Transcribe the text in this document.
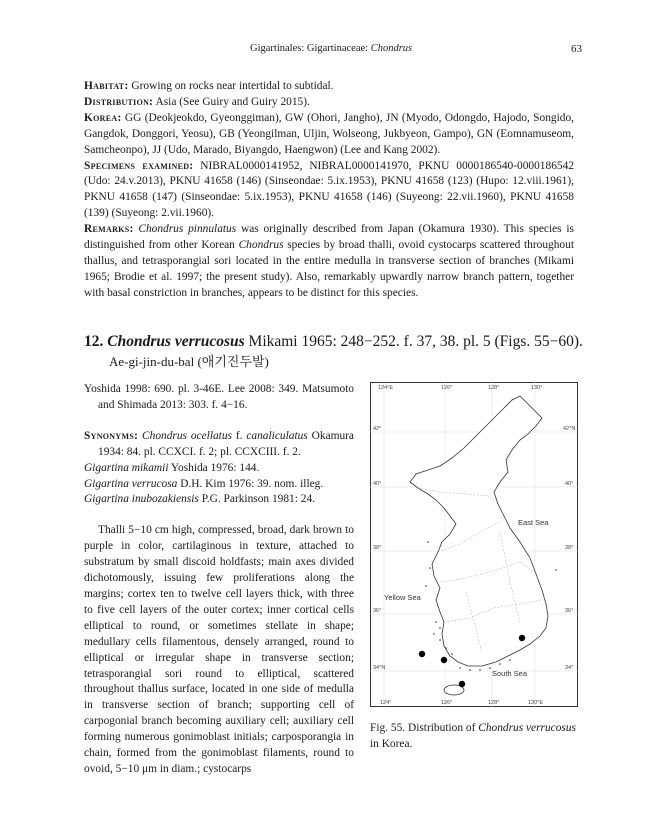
Gigartinales: Gigartinaceae: Chondrus	63

Habitat: Growing on rocks near intertidal to subtidal.

Distribution: Asia (See Guiry and Guiry 2015).

Korea: GG (Deokjeokdo, Gyeonggiman), GW (Ohori, Jangho), JN (Myodo, Odongdo, Hajodo, Songido, Gangdok, Donggori, Yeosu), GB (Yeongilman, Uljin, Wolseong, Jukbyeon, Gampo), GN (Eomnamuseom, Samcheonpo), JJ (Udo, Marado, Biyangdo, Haengwon) (Lee and Kang 2002).

Specimens examined: NIBRAL0000141952, NIBRAL0000141970, PKNU 0000186540-0000186542 (Udo: 24.v.2013), PKNU 41658 (146) (Sinseondae: 5.ix.1953), PKNU 41658 (123) (Hupo: 12.viii.1961), PKNU 41658 (147) (Sinseondae: 5.ix.1953), PKNU 41658 (146) (Suyeong: 22.vii.1960), PKNU 41658 (139) (Suyeong: 2.vii.1960).

Remarks: Chondrus pinnulatus was originally described from Japan (Okamura 1930). This species is distinguished from other Korean Chondrus species by broad thalli, ovoid cystocarps scattered throughout thallus, and tetrasporangial sori located in the entire medulla in transverse section of branches (Mikami 1965; Brodie et al. 1997; the present study). Also, remarkably upwardly narrow branch pattern, together with basal constriction in branches, appears to be distinct for this species.

12. Chondrus verrucosus Mikami 1965: 248−252. f. 37, 38. pl. 5 (Figs. 55−60).
Ae-gi-jin-du-bal (애기진두발)

Yoshida 1998: 690. pl. 3-46E. Lee 2008: 349. Matsumoto and Shimada 2013: 303. f. 4−16.

Synonyms: Chondrus ocellatus f. canaliculatus Okamura 1934: 84. pl. CCXCI. f. 2; pl. CCXCIII. f. 2.

Gigartina mikamii Yoshida 1976: 144.

Gigartina verrucosa D.H. Kim 1976: 39. nom. illeg.

Gigartina inubozakiensis P.G. Parkinson 1981: 24.

Thalli 5−10 cm high, compressed, broad, dark brown to purple in color, cartilaginous in texture, attached to substratum by small discoid holdfasts; main axes divided dichotomously, issuing few proliferations along the margins; cortex ten to twelve cell layers thick, with three to five cell layers of the outer cortex; inner cortical cells elliptical to round, or sometimes stellate in shape; medullary cells filamentous, densely arranged, round to elliptical or irregular shape in transverse section; tetrasporangial sori round to elliptical, scattered throughout thallus surface, located in one side of medulla in transverse section of branch; supporting cell of carpogonial branch becoming auxiliary cell; auxiliary cell forming numerous gonimoblast initials; carposporangia in chain, formed from the gonimoblast filaments, round to ovoid, 5−10 μm in diam.; cystocarps

124°E	126°	128°	130°
124°	126°	128°	130°E
42°
40°
38°
36°
34°N
42°N
40°
38°
36°
34°
East Sea
Yellow Sea
South Sea
Fig. 55. Distribution of Chondrus verrucosus in Korea.
